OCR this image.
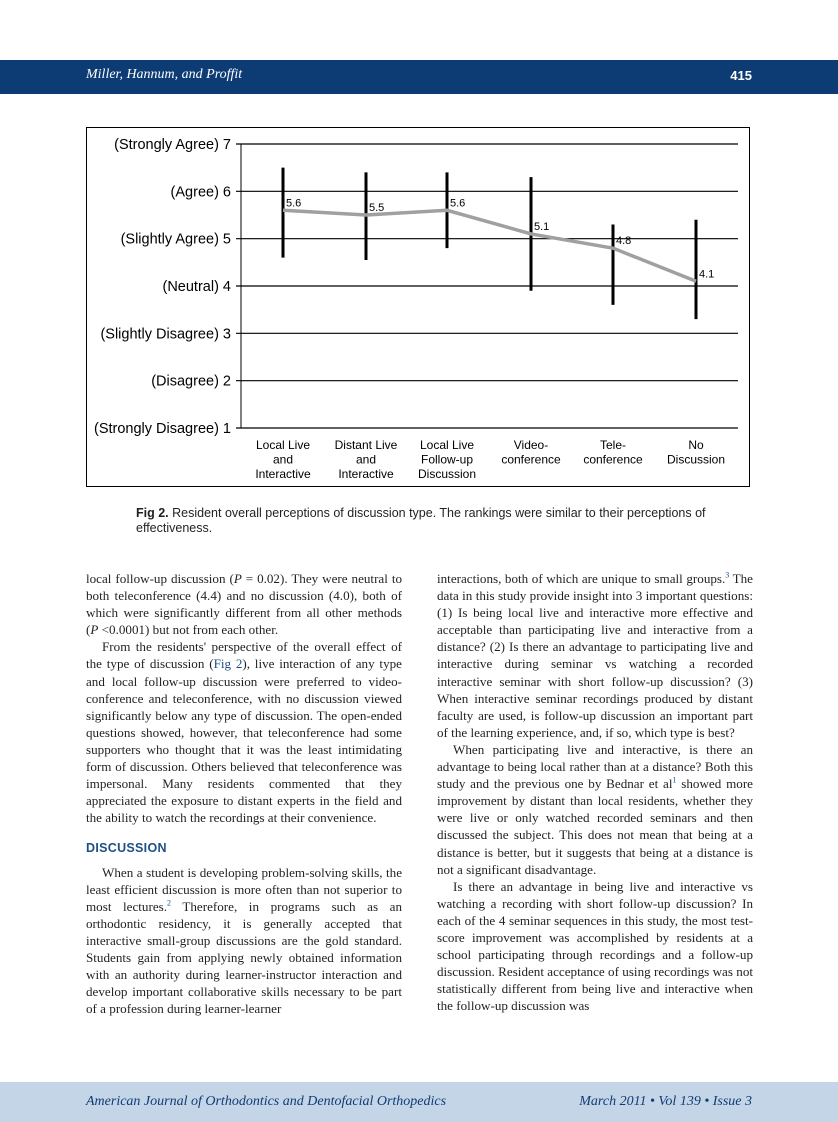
Miller, Hannum, and Proffit	415
(Strongly Agree) 7
(Agree) 6
(Slightly Agree) 5
(Neutral) 4
(Slightly Disagree) 3
(Disagree) 2
(Strongly Disagree) 1
5.6	5.5	5.6
5.1
4.8
4.1
Local Live
and
Interactive
Distant Live
and
Interactive
Local Live
Follow-up
Discussion
Video-
conference
Tele-
conference
No
Discussion
Fig 2. Resident overall perceptions of discussion type. The rankings were similar to their perceptions of effectiveness.

local follow-up discussion (P = 0.02). They were neutral to both teleconference (4.4) and no discussion (4.0), both of which were significantly different from all other methods (P <0.0001) but not from each other.

From the residents' perspective of the overall effect of the type of discussion (Fig 2), live interaction of any type and local follow-up discussion were preferred to video-conference and teleconference, with no discussion viewed significantly below any type of discussion. The open-ended questions showed, however, that teleconference had some supporters who thought that it was the least intimidating form of discussion. Others believed that teleconference was impersonal. Many residents commented that they appreciated the exposure to distant experts in the field and the ability to watch the recordings at their convenience.

DISCUSSION

When a student is developing problem-solving skills, the least efficient discussion is more often than not superior to most lectures.$^2$ Therefore, in programs such as an orthodontic residency, it is generally accepted that interactive small-group discussions are the gold standard. Students gain from applying newly obtained information with an authority during learner-instructor interaction and develop important collaborative skills necessary to be part of a profession during learner-learner

interactions, both of which are unique to small groups.$^3$ The data in this study provide insight into 3 important questions: (1) Is being local live and interactive more effective and acceptable than participating live and interactive from a distance? (2) Is there an advantage to participating live and interactive during seminar vs watching a recorded interactive seminar with short follow-up discussion? (3) When interactive seminar recordings produced by distant faculty are used, is follow-up discussion an important part of the learning experience, and, if so, which type is best?

When participating live and interactive, is there an advantage to being local rather than at a distance? Both this study and the previous one by Bednar et al$^1$ showed more improvement by distant than local residents, whether they were live or only watched recorded seminars and then discussed the subject. This does not mean that being at a distance is better, but it suggests that being at a distance is not a significant disadvantage.

Is there an advantage in being live and interactive vs watching a recording with short follow-up discussion? In each of the 4 seminar sequences in this study, the most test-score improvement was accomplished by residents at a school participating through recordings and a follow-up discussion. Resident acceptance of using recordings was not statistically different from being live and interactive when the follow-up discussion was

American Journal of Orthodontics and Dentofacial Orthopedics	March 2011 • Vol 139 • Issue 3
